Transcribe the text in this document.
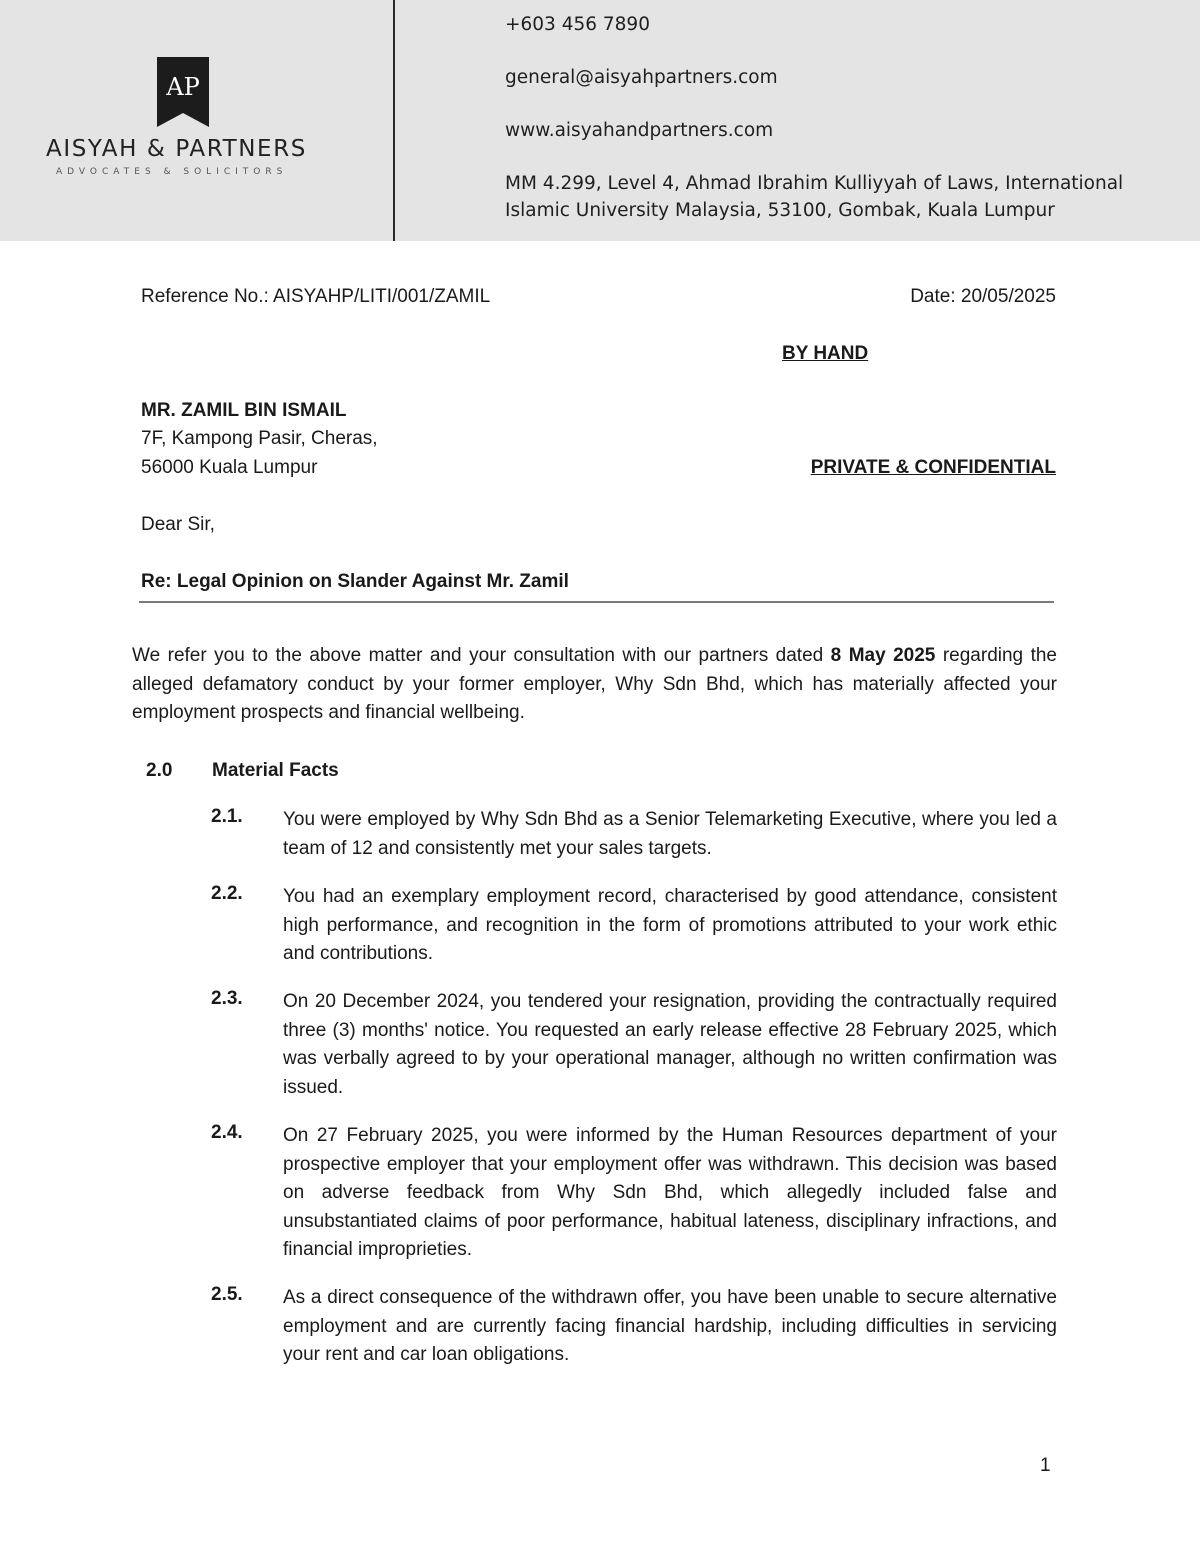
AP
AISYAH & PARTNERS
ADVOCATES & SOLICITORS
+603 456 7890
general@aisyahpartners.com
www.aisyahandpartners.com
MM 4.299, Level 4, Ahmad Ibrahim Kulliyyah of Laws, International
Islamic University Malaysia, 53100, Gombak, Kuala Lumpur
Reference No.: AISYAHP/LITI/001/ZAMIL	Date: 20/05/2025
BY HAND
MR. ZAMIL BIN ISMAIL
7F, Kampong Pasir, Cheras,
56000 Kuala Lumpur	PRIVATE & CONFIDENTIAL
Dear Sir,
Re: Legal Opinion on Slander Against Mr. Zamil
We refer you to the above matter and your consultation with our partners dated 8 May 2025 regarding the alleged defamatory conduct by your former employer, Why Sdn Bhd, which has materially affected your employment prospects and financial wellbeing.
2.0 Material Facts
2.1. You were employed by Why Sdn Bhd as a Senior Telemarketing Executive, where you led a team of 12 and consistently met your sales targets.
2.2. You had an exemplary employment record, characterised by good attendance, consistent high performance, and recognition in the form of promotions attributed to your work ethic and contributions.
2.3. On 20 December 2024, you tendered your resignation, providing the contractually required three (3) months' notice. You requested an early release effective 28 February 2025, which was verbally agreed to by your operational manager, although no written confirmation was issued.
2.4. On 27 February 2025, you were informed by the Human Resources department of your prospective employer that your employment offer was withdrawn. This decision was based on adverse feedback from Why Sdn Bhd, which allegedly included false and unsubstantiated claims of poor performance, habitual lateness, disciplinary infractions, and financial improprieties.
2.5. As a direct consequence of the withdrawn offer, you have been unable to secure alternative employment and are currently facing financial hardship, including difficulties in servicing your rent and car loan obligations.
1
